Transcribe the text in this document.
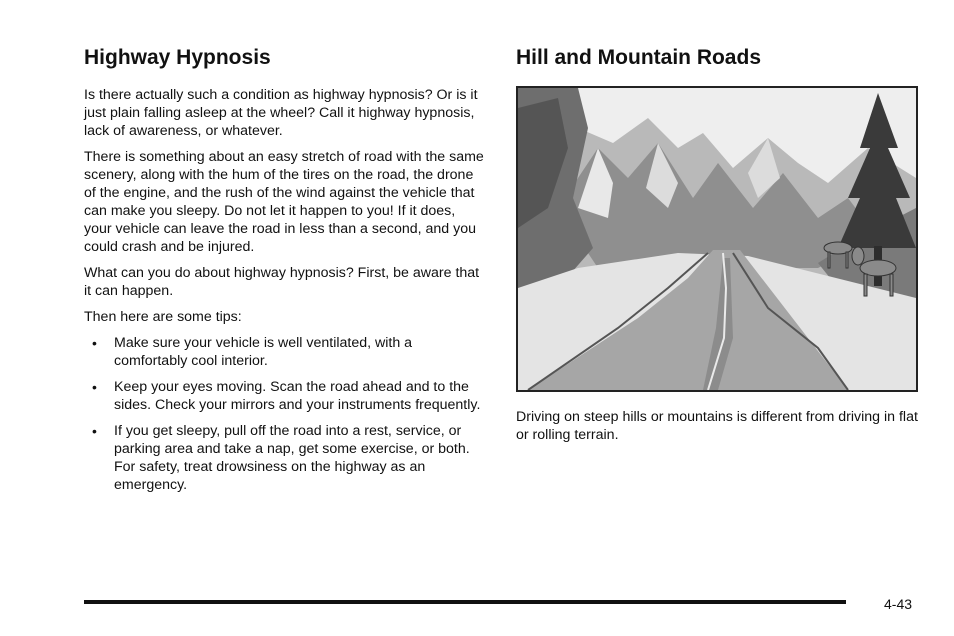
Highway Hypnosis

Is there actually such a condition as highway hypnosis? Or is it just plain falling asleep at the wheel? Call it highway hypnosis, lack of awareness, or whatever.

There is something about an easy stretch of road with the same scenery, along with the hum of the tires on the road, the drone of the engine, and the rush of the wind against the vehicle that can make you sleepy. Do not let it happen to you! If it does, your vehicle can leave the road in less than a second, and you could crash and be injured.

What can you do about highway hypnosis? First, be aware that it can happen.

Then here are some tips:

• Make sure your vehicle is well ventilated, with a comfortably cool interior.
• Keep your eyes moving. Scan the road ahead and to the sides. Check your mirrors and your instruments frequently.
• If you get sleepy, pull off the road into a rest, service, or parking area and take a nap, get some exercise, or both. For safety, treat drowsiness on the highway as an emergency.
Hill and Mountain Roads

Driving on steep hills or mountains is different from driving in flat or rolling terrain.

4-43
